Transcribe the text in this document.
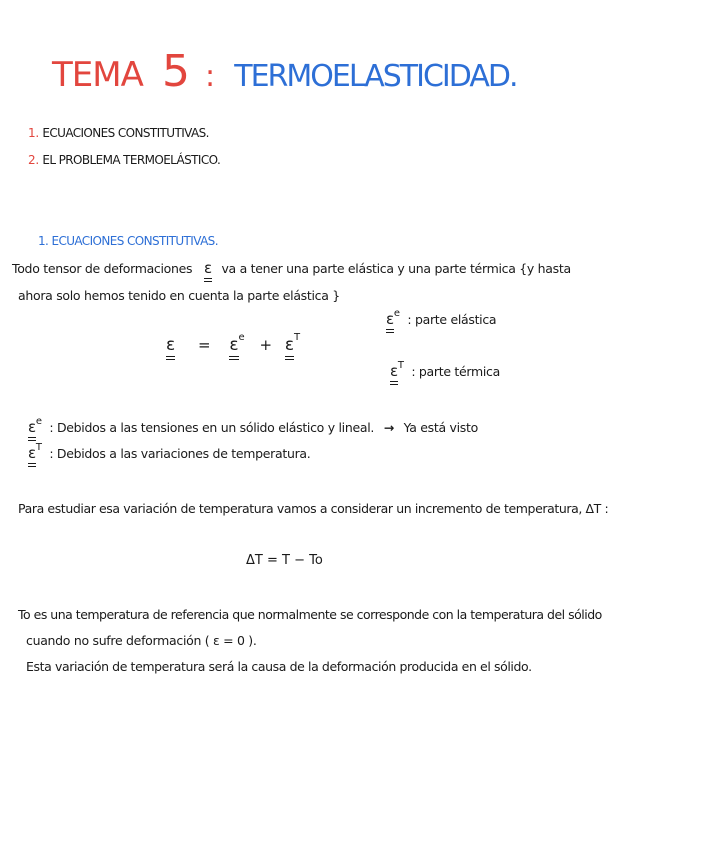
TEMA 5 : TERMOELASTICIDAD.
1. ECUACIONES CONSTITUTIVAS.
2. EL PROBLEMA TERMOELÁSTICO.
1. ECUACIONES CONSTITUTIVAS.
Todo tensor de deformaciones ε va a tener una parte elástica y una parte térmica {y hasta
ahora solo hemos tenido en cuenta la parte elástica }
ε = ε
$^e$ + ε
$^T$
ε
$^e$ : parte elástica
ε
$^T$ : parte térmica
ε
$^e$ : Debidos a las tensiones en un sólido elástico y lineal. → Ya está visto
ε
$^T$ : Debidos a las variaciones de temperatura.
Para estudiar esa variación de temperatura vamos a considerar un incremento de temperatura, ΔT :
ΔT = T − To
To es una temperatura de referencia que normalmente se corresponde con la temperatura del sólido
cuando no sufre deformación ( ε = 0 ).
Esta variación de temperatura será la causa de la deformación producida en el sólido.
